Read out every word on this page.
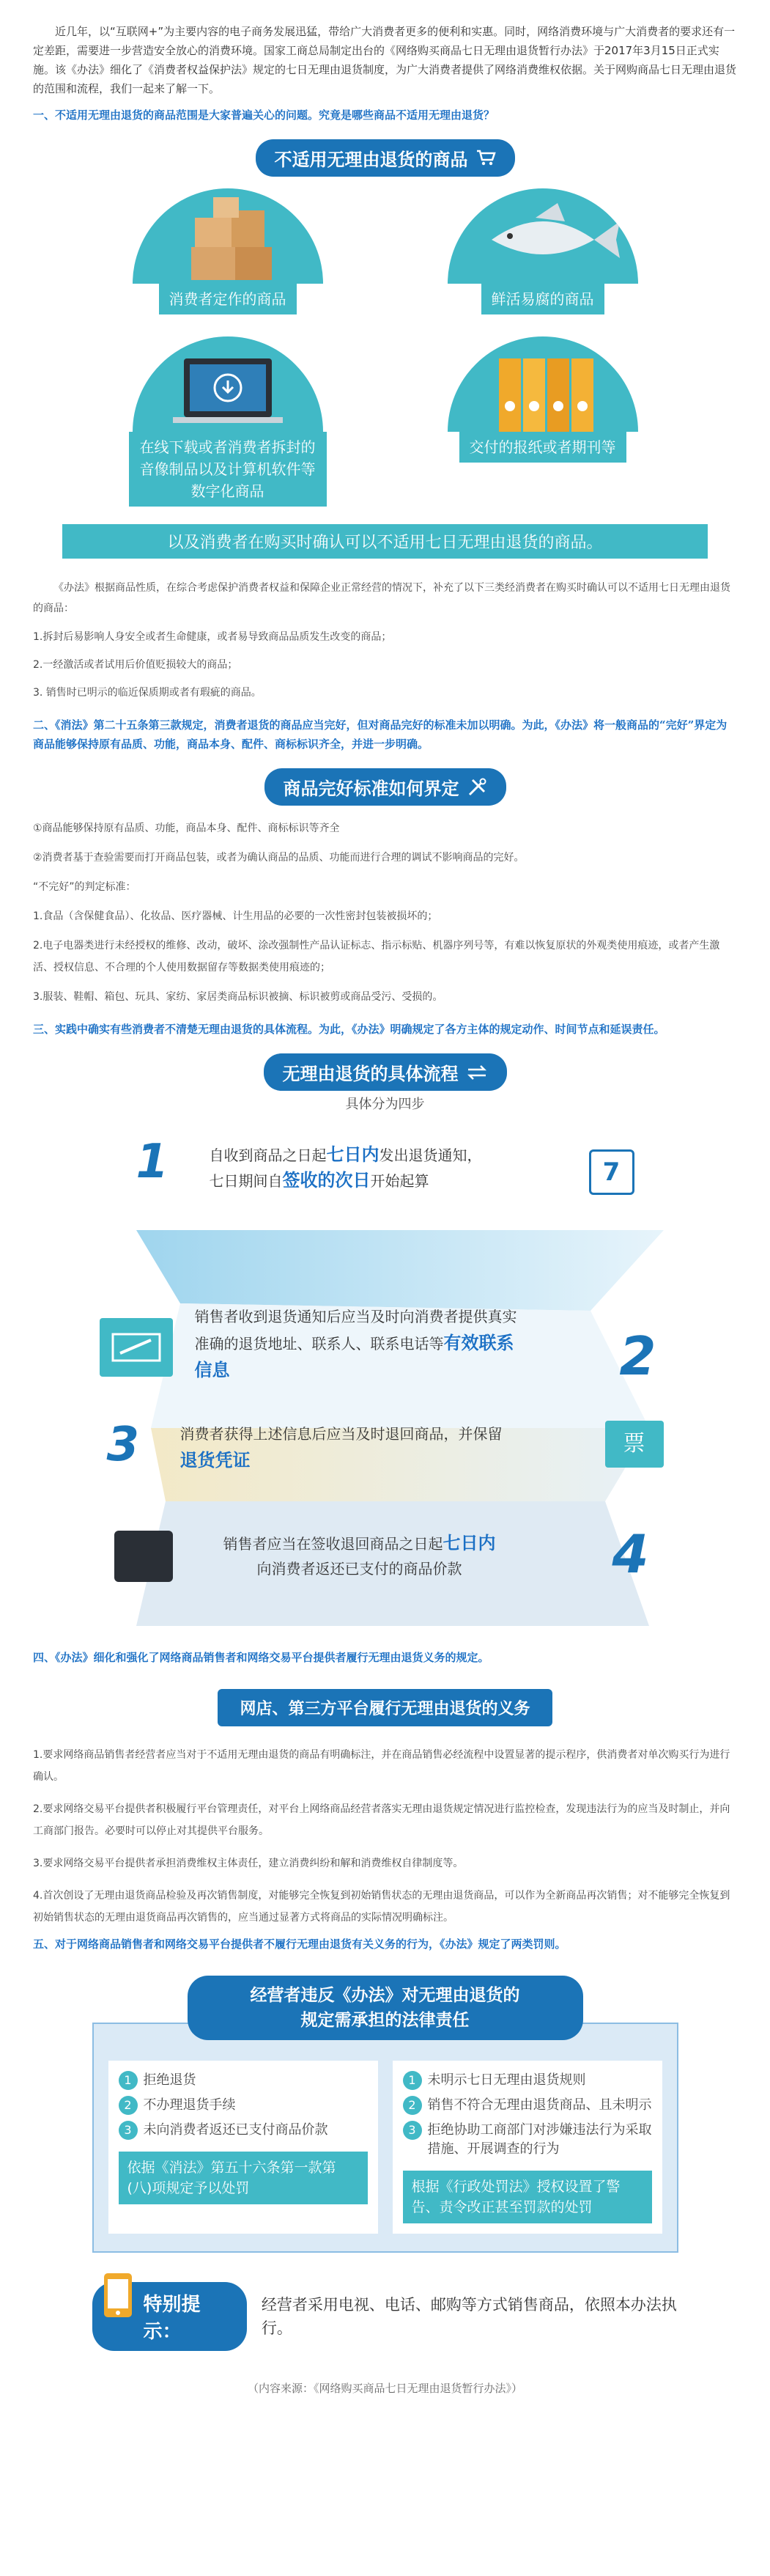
近几年，以“互联网+”为主要内容的电子商务发展迅猛，带给广大消费者更多的便利和实惠。同时，网络消费环境与广大消费者的要求还有一定差距，需要进一步营造安全放心的消费环境。国家工商总局制定出台的《网络购买商品七日无理由退货暂行办法》于2017年3月15日正式实施。该《办法》细化了《消费者权益保护法》规定的七日无理由退货制度，为广大消费者提供了网络消费维权依据。关于网购商品七日无理由退货的范围和流程，我们一起来了解一下。

一、不适用无理由退货的商品范围是大家普遍关心的问题。究竟是哪些商品不适用无理由退货？

不适用无理由退货的商品
消费者定作的商品	鲜活易腐的商品
在线下载或者消费者拆封的音像制品以及计算机软件等数字化商品
交付的报纸或者期刊等
以及消费者在购买时确认可以不适用七日无理由退货的商品。

《办法》根据商品性质，在综合考虑保护消费者权益和保障企业正常经营的情况下，补充了以下三类经消费者在购买时确认可以不适用七日无理由退货的商品：

1.拆封后易影响人身安全或者生命健康，或者易导致商品品质发生改变的商品；

2.一经激活或者试用后价值贬损较大的商品；

3. 销售时已明示的临近保质期或者有瑕疵的商品。

二、《消法》第二十五条第三款规定，消费者退货的商品应当完好，但对商品完好的标准未加以明确。为此，《办法》将一般商品的“完好”界定为商品能够保持原有品质、功能，商品本身、配件、商标标识齐全，并进一步明确。

商品完好标准如何界定

①商品能够保持原有品质、功能，商品本身、配件、商标标识等齐全

②消费者基于查验需要而打开商品包装，或者为确认商品的品质、功能而进行合理的调试不影响商品的完好。

“不完好”的判定标准：

1.食品（含保健食品）、化妆品、医疗器械、计生用品的必要的一次性密封包装被损坏的；

2.电子电器类进行未经授权的维修、改动，破坏、涂改强制性产品认证标志、指示标贴、机器序列号等，有难以恢复原状的外观类使用痕迹，或者产生激活、授权信息、不合理的个人使用数据留存等数据类使用痕迹的；

3.服装、鞋帽、箱包、玩具、家纺、家居类商品标识被摘、标识被剪或商品受污、受损的。

三、实践中确实有些消费者不清楚无理由退货的具体流程。为此，《办法》明确规定了各方主体的规定动作、时间节点和延误责任。

无理由退货的具体流程
具体分为四步
1	自收到商品之日起七日内发出退货通知，
七日期间自签收的次日开始起算	7
销售者收到退货通知后应当及时向消费者提供真实准确的退货地址、联系人、联系电话等有效联系信息	2
3	消费者获得上述信息后应当及时退回商品，并保留退货凭证
票
销售者应当在签收退回商品之日起七日内
向消费者返还已支付的商品价款	4

四、《办法》细化和强化了网络商品销售者和网络交易平台提供者履行无理由退货义务的规定。

网店、第三方平台履行无理由退货的义务

1.要求网络商品销售者经营者应当对于不适用无理由退货的商品有明确标注，并在商品销售必经流程中设置显著的提示程序，供消费者对单次购买行为进行确认。

2.要求网络交易平台提供者积极履行平台管理责任，对平台上网络商品经营者落实无理由退货规定情况进行监控检查，发现违法行为的应当及时制止，并向工商部门报告。必要时可以停止对其提供平台服务。

3.要求网络交易平台提供者承担消费维权主体责任，建立消费纠纷和解和消费维权自律制度等。

4.首次创设了无理由退货商品检验及再次销售制度，对能够完全恢复到初始销售状态的无理由退货商品，可以作为全新商品再次销售；对不能够完全恢复到初始销售状态的无理由退货商品再次销售的，应当通过显著方式将商品的实际情况明确标注。

五、对于网络商品销售者和网络交易平台提供者不履行无理由退货有关义务的行为，《办法》规定了两类罚则。

经营者违反《办法》对无理由退货的
规定需承担的法律责任
1 拒绝退货
2 不办理退货手续
3 未向消费者返还已支付商品价款
依据《消法》第五十六条第一款第(八)项规定予以处罚
1 未明示七日无理由退货规则
2 销售不符合无理由退货商品、且未明示
3 拒绝协助工商部门对涉嫌违法行为采取措施、开展调查的行为
根据《行政处罚法》授权设置了警告、责令改正甚至罚款的处罚
特别提示：
经营者采用电视、电话、邮购等方式销售商品，依照本办法执行。
（内容来源：《网络购买商品七日无理由退货暂行办法》）
